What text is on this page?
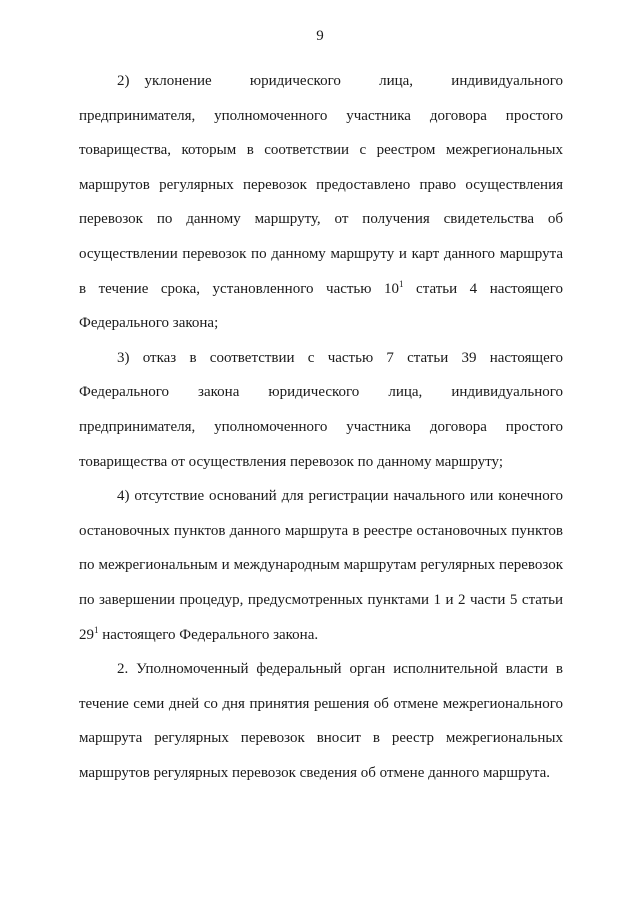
9

2) уклонение юридического лица, индивидуального предпринимателя, уполномоченного участника договора простого товарищества, которым в соответствии с реестром межрегиональных маршрутов регулярных перевозок предоставлено право осуществления перевозок по данному маршруту, от получения свидетельства об осуществлении перевозок по данному маршруту и карт данного маршрута в течение срока, установленного частью $10^1$ статьи 4 настоящего Федерального закона;

3) отказ в соответствии с частью 7 статьи 39 настоящего Федерального закона юридического лица, индивидуального предпринимателя, уполномоченного участника договора простого товарищества от осуществления перевозок по данному маршруту;

4) отсутствие оснований для регистрации начального или конечного остановочных пунктов данного маршрута в реестре остановочных пунктов по межрегиональным и международным маршрутам регулярных перевозок по завершении процедур, предусмотренных пунктами 1 и 2 части 5 статьи $29^1$ настоящего Федерального закона.

2. Уполномоченный федеральный орган исполнительной власти в течение семи дней со дня принятия решения об отмене межрегионального маршрута регулярных перевозок вносит в реестр межрегиональных маршрутов регулярных перевозок сведения об отмене данного маршрута.
